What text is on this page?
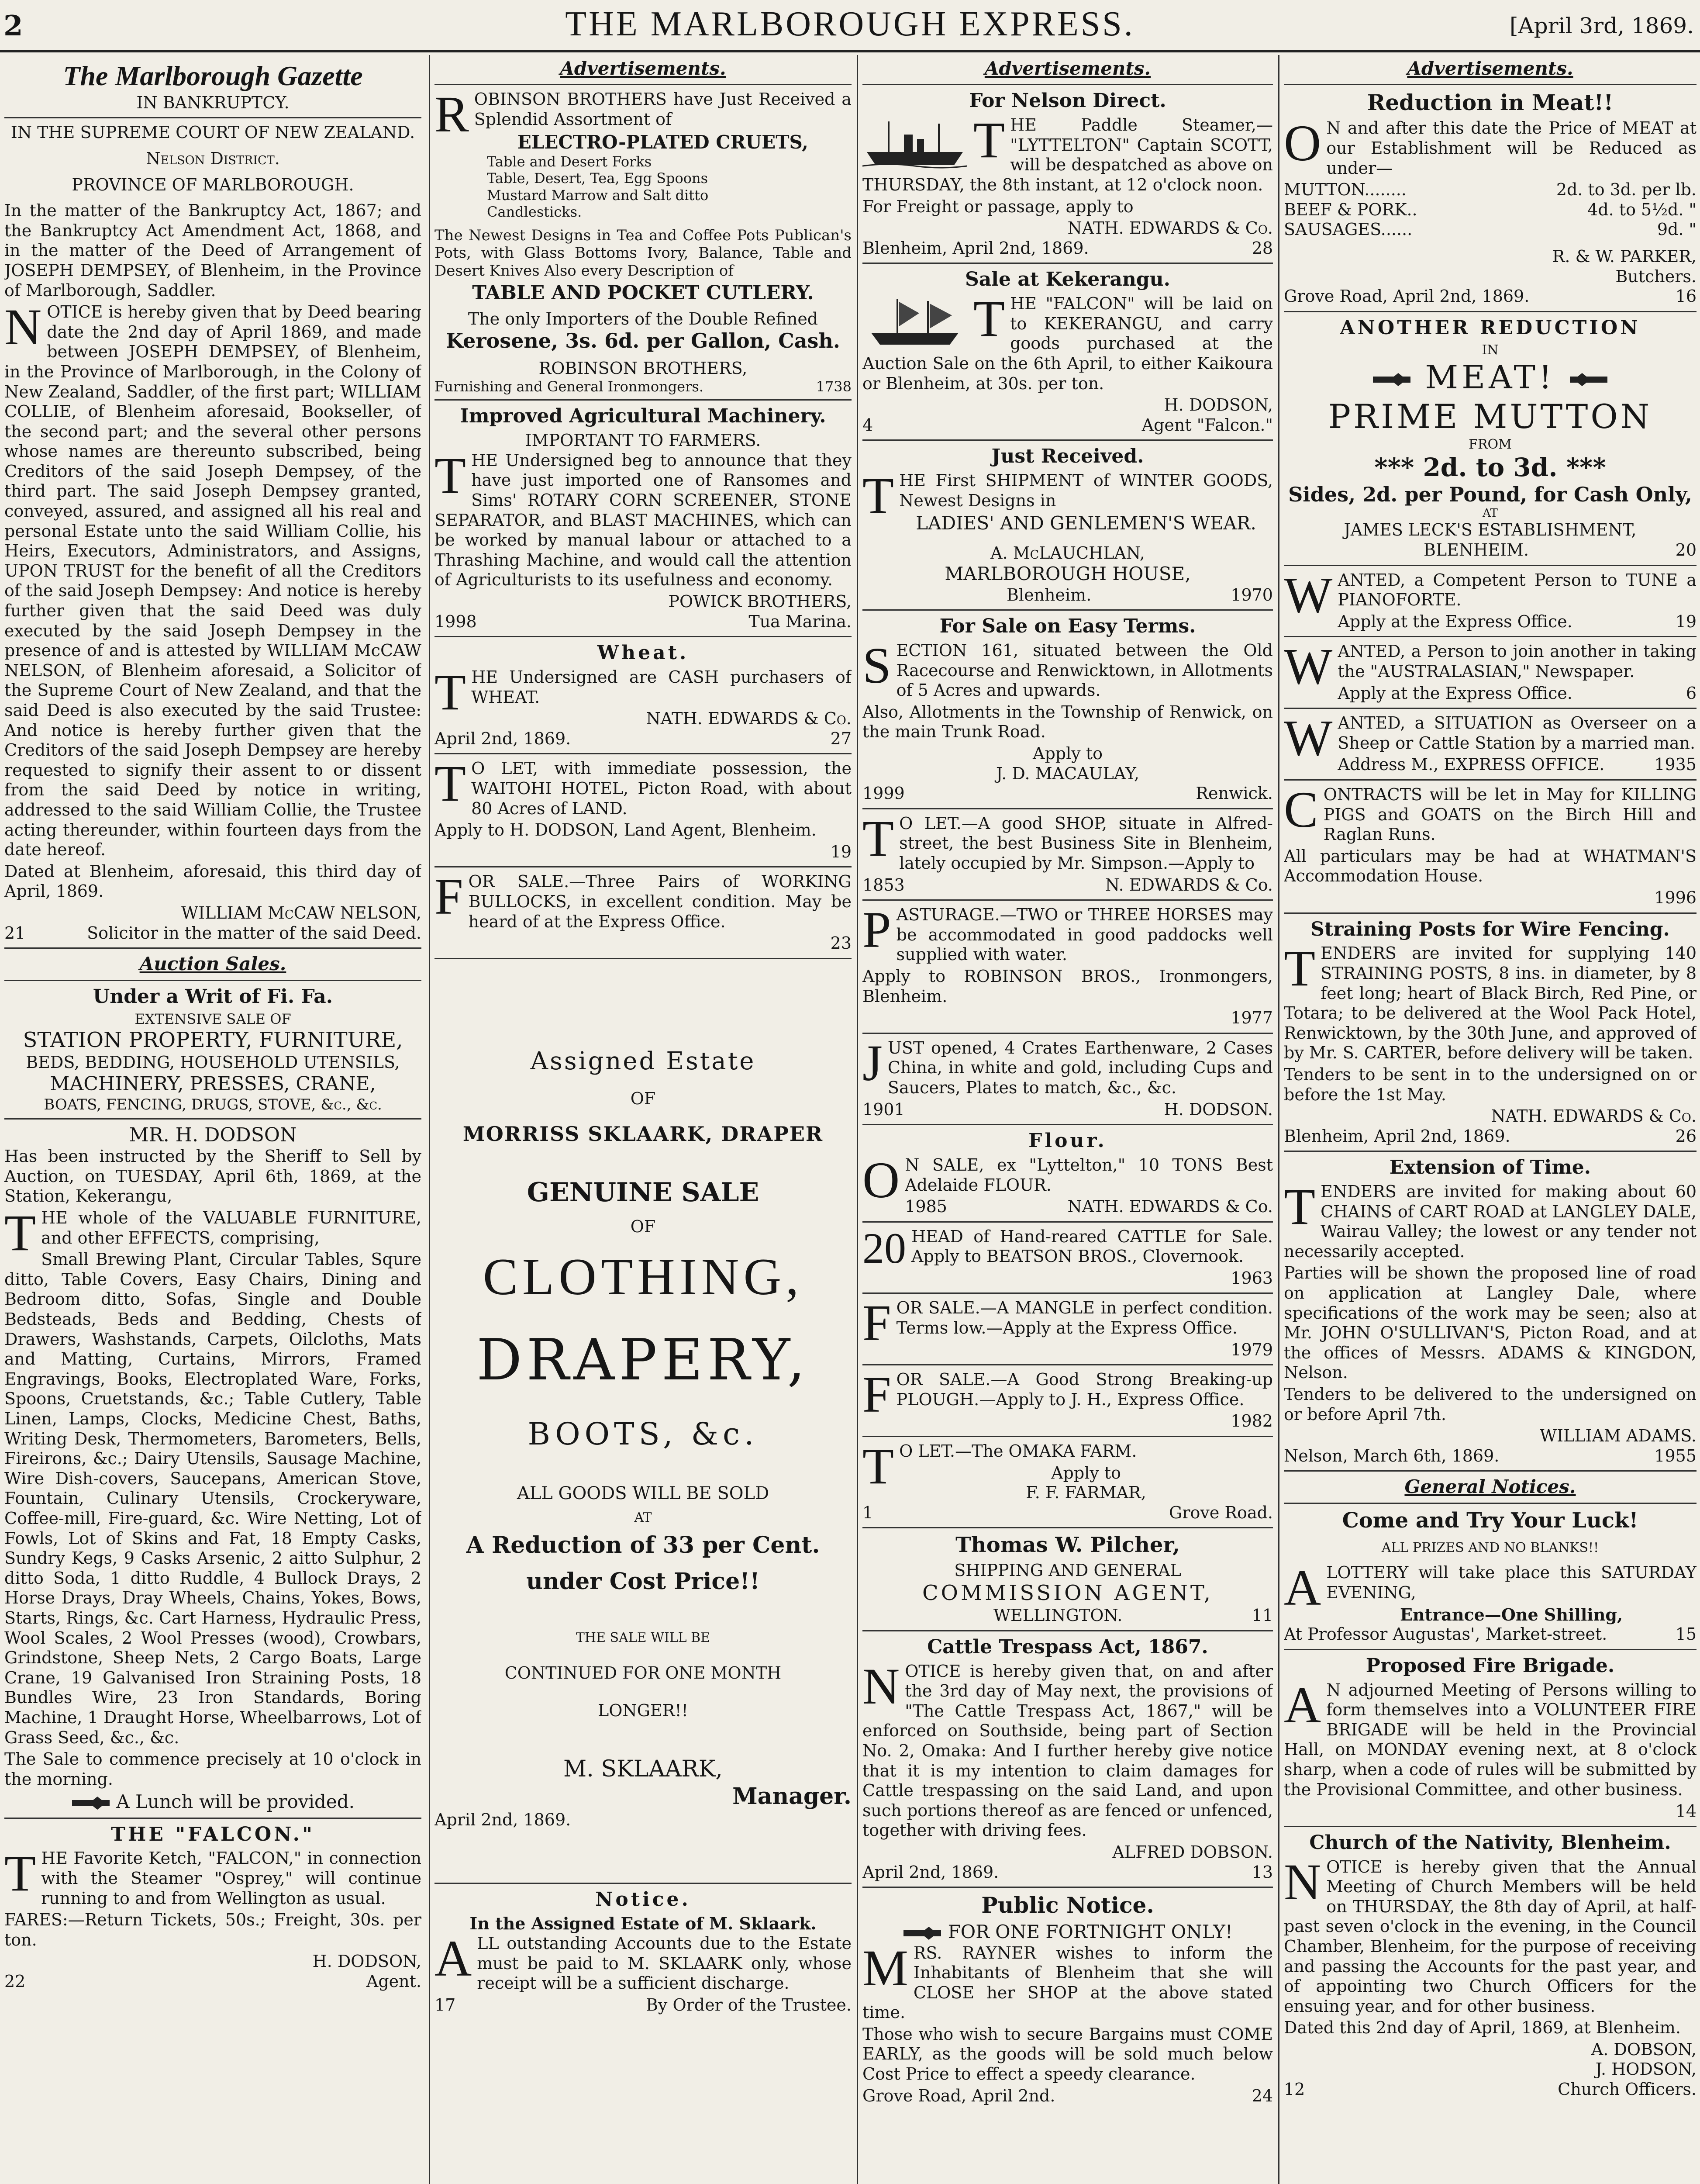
2	THE MARLBOROUGH EXPRESS.	[April 3rd, 1869.
The Marlborough Gazette
IN BANKRUPTCY.
IN THE SUPREME COURT OF NEW ZEALAND.
Nelson District.
PROVINCE OF MARLBOROUGH.

In the matter of the Bankruptcy Act, 1867; and the Bankruptcy Act Amendment Act, 1868, and in the matter of the Deed of Arrangement of JOSEPH DEMPSEY, of Blenheim, in the Province of Marlborough, Saddler.

NOTICE is hereby given that by Deed bearing date the 2nd day of April 1869, and made between JOSEPH DEMPSEY, of Blenheim, in the Province of Marlborough, in the Colony of New Zealand, Saddler, of the first part; WILLIAM COLLIE, of Blenheim aforesaid, Bookseller, of the second part; and the several other persons whose names are thereunto subscribed, being Creditors of the said Joseph Dempsey, of the third part. The said Joseph Dempsey granted, conveyed, assured, and assigned all his real and personal Estate unto the said William Collie, his Heirs, Executors, Administrators, and Assigns, UPON TRUST for the benefit of all the Creditors of the said Joseph Dempsey: And notice is hereby further given that the said Deed was duly executed by the said Joseph Dempsey in the presence of and is attested by WILLIAM McCAW NELSON, of Blenheim aforesaid, a Solicitor of the Supreme Court of New Zealand, and that the said Deed is also executed by the said Trustee: And notice is hereby further given that the Creditors of the said Joseph Dempsey are hereby requested to signify their assent to or dissent from the said Deed by notice in writing, addressed to the said William Collie, the Trustee acting thereunder, within fourteen days from the date hereof.

Dated at Blenheim, aforesaid, this third day of April, 1869.

WILLIAM McCAW NELSON,
21	Solicitor in the matter of the said Deed.
Auction Sales.
Under a Writ of Fi. Fa.
EXTENSIVE SALE OF
STATION PROPERTY, FURNITURE,
BEDS, BEDDING, HOUSEHOLD UTENSILS,
MACHINERY, PRESSES, CRANE,
BOATS, FENCING, DRUGS, STOVE, &c., &c.
MR. H. DODSON

Has been instructed by the Sheriff to Sell by Auction, on TUESDAY, April 6th, 1869, at the Station, Kekerangu,

THE whole of the VALUABLE FURNITURE, and other EFFECTS, comprising,

Small Brewing Plant, Circular Tables, Squre ditto, Table Covers, Easy Chairs, Dining and Bedroom ditto, Sofas, Single and Double Bedsteads, Beds and Bedding, Chests of Drawers, Washstands, Carpets, Oilcloths, Mats and Matting, Curtains, Mirrors, Framed Engravings, Books, Electroplated Ware, Forks, Spoons, Cruetstands, &c.; Table Cutlery, Table Linen, Lamps, Clocks, Medicine Chest, Baths, Writing Desk, Thermometers, Barometers, Bells, Fireirons, &c.; Dairy Utensils, Sausage Machine, Wire Dish-covers, Saucepans, American Stove, Fountain, Culinary Utensils, Crockeryware, Coffee-mill, Fire-guard, &c. Wire Netting, Lot of Fowls, Lot of Skins and Fat, 18 Empty Casks, Sundry Kegs, 9 Casks Arsenic, 2 aitto Sulphur, 2 ditto Soda, 1 ditto Ruddle, 4 Bullock Drays, 2 Horse Drays, Dray Wheels, Chains, Yokes, Bows, Starts, Rings, &c. Cart Harness, Hydraulic Press, Wool Scales, 2 Wool Presses (wood), Crowbars, Grindstone, Sheep Nets, 2 Cargo Boats, Large Crane, 19 Galvanised Iron Straining Posts, 18 Bundles Wire, 23 Iron Standards, Boring Machine, 1 Draught Horse, Wheelbarrows, Lot of Grass Seed, &c., &c.

The Sale to commence precisely at 10 o'clock in the morning.

A Lunch will be provided.
THE "FALCON."

THE Favorite Ketch, "FALCON," in connection with the Steamer "Osprey," will continue running to and from Wellington as usual.

FARES:—Return Tickets, 50s.; Freight, 30s. per ton.

H. DODSON,
22	Agent.
Advertisements.

ROBINSON BROTHERS have Just Received a Splendid Assortment of

ELECTRO-PLATED CRUETS,
Table and Desert Forks
Table, Desert, Tea, Egg Spoons
Mustard Marrow and Salt ditto
Candlesticks.

The Newest Designs in Tea and Coffee Pots Publican's Pots, with Glass Bottoms Ivory, Balance, Table and Desert Knives Also every Description of

TABLE AND POCKET CUTLERY.
The only Importers of the Double Refined
Kerosene, 3s. 6d. per Gallon, Cash.
ROBINSON BROTHERS,
Furnishing and General Ironmongers.	1738
Improved Agricultural Machinery.
IMPORTANT TO FARMERS.

THE Undersigned beg to announce that they have just imported one of Ransomes and Sims' ROTARY CORN SCREENER, STONE SEPARATOR, and BLAST MACHINES, which can be worked by manual labour or attached to a Thrashing Machine, and would call the attention of Agriculturists to its usefulness and economy.

POWICK BROTHERS,
1998	Tua Marina.
Wheat.

THE Undersigned are CASH purchasers of WHEAT.

NATH. EDWARDS & Co.
April 2nd, 1869.	27

T O LET, with immediate possession, the WAITOHI HOTEL, Picton Road, with about 80 Acres of LAND.

Apply to H. DODSON, Land Agent, Blenheim.

19

FOR SALE.—Three Pairs of WORKING BULLOCKS, in excellent condition. May be heard of at the Express Office.

23
Assigned Estate
OF
MORRISS SKLAARK, DRAPER
GENUINE SALE
OF
CLOTHING,
DRAPERY,
BOOTS, &c.
ALL GOODS WILL BE SOLD
AT
A Reduction of 33 per Cent.
under Cost Price!!
THE SALE WILL BE
CONTINUED FOR ONE MONTH
LONGER!!
M. SKLAARK,
Manager.
April 2nd, 1869.
Notice.
In the Assigned Estate of M. Sklaark.

ALL outstanding Accounts due to the Estate must be paid to M. SKLAARK only, whose receipt will be a sufficient discharge.

17	By Order of the Trustee.
Advertisements.
For Nelson Direct.

THE Paddle Steamer,— "LYTTELTON" Captain SCOTT, will be despatched as above on THURSDAY, the 8th instant, at 12 o'clock noon.

For Freight or passage, apply to

NATH. EDWARDS & Co.
Blenheim, April 2nd, 1869.	28
Sale at Kekerangu.

THE "FALCON" will be laid on to KEKERANGU, and carry goods purchased at the Auction Sale on the 6th April, to either Kaikoura or Blenheim, at 30s. per ton.

H. DODSON,
4	Agent "Falcon."
Just Received.

THE First SHIPMENT of WINTER GOODS, Newest Designs in

LADIES' AND GENLEMEN'S WEAR.
A. McLAUCHLAN,
MARLBOROUGH HOUSE,
Blenheim.	1970
For Sale on Easy Terms.

SECTION 161, situated between the Old Racecourse and Renwicktown, in Allotments of 5 Acres and upwards.

Also, Allotments in the Township of Renwick, on the main Trunk Road.

Apply to
J. D. MACAULAY,
1999	Renwick.

T O LET.—A good SHOP, situate in Alfred-street, the best Business Site in Blenheim, lately occupied by Mr. Simpson.—Apply to

1853	N. EDWARDS & Co.

PASTURAGE.—TWO or THREE HORSES may be accommodated in good paddocks well supplied with water.

Apply to ROBINSON BROS., Ironmongers, Blenheim.

1977

JUST opened, 4 Crates Earthenware, 2 Cases China, in white and gold, including Cups and Saucers, Plates to match, &c., &c.

1901	H. DODSON.
Flour.

O N SALE, ex "Lyttelton," 10 TONS Best Adelaide FLOUR.

1985	NATH. EDWARDS & Co.

20 HEAD of Hand-reared CATTLE for Sale. Apply to BEATSON BROS., Clovernook.

1963

FOR SALE.—A MANGLE in perfect condition. Terms low.—Apply at the Express Office.

1979

FOR SALE.—A Good Strong Breaking-up PLOUGH.—Apply to J. H., Express Office.

1982

T O LET.—The OMAKA FARM.

Apply to
F. F. FARMAR,
1	Grove Road.
Thomas W. Pilcher,
SHIPPING AND GENERAL
COMMISSION AGENT,
WELLINGTON.	11
Cattle Trespass Act, 1867.

NOTICE is hereby given that, on and after the 3rd day of May next, the provisions of "The Cattle Trespass Act, 1867," will be enforced on Southside, being part of Section No. 2, Omaka: And I further hereby give notice that it is my intention to claim damages for Cattle trespassing on the said Land, and upon such portions thereof as are fenced or unfenced, together with driving fees.

ALFRED DOBSON.
April 2nd, 1869.	13
Public Notice.
FOR ONE FORTNIGHT ONLY!

MRS. RAYNER wishes to inform the Inhabitants of Blenheim that she will CLOSE her SHOP at the above stated time.

Those who wish to secure Bargains must COME EARLY, as the goods will be sold much below Cost Price to effect a speedy clearance.

Grove Road, April 2nd.	24
Advertisements.
Reduction in Meat!!

O N and after this date the Price of MEAT at our Establishment will be Reduced as under—

MUTTON........	2d. to 3d. per lb.
BEEF & PORK..	4d. to 5½d. "
SAUSAGES......	9d. "
R. & W. PARKER,
Butchers.
Grove Road, April 2nd, 1869.	16
ANOTHER REDUCTION
IN
MEAT!
PRIME MUTTON
FROM
*** 2d. to 3d. ***
Sides, 2d. per Pound, for Cash Only,
AT
JAMES LECK'S ESTABLISHMENT,
BLENHEIM.	20

WANTED, a Competent Person to TUNE a PIANOFORTE.

Apply at the Express Office.	19

WANTED, a Person to join another in taking the "AUSTRALASIAN," Newspaper.

Apply at the Express Office.	6

WANTED, a SITUATION as Overseer on a Sheep or Cattle Station by a married man.

Address M., EXPRESS OFFICE.	1935

CONTRACTS will be let in May for KILLING PIGS and GOATS on the Birch Hill and Raglan Runs.

All particulars may be had at WHATMAN'S Accommodation House.

1996
Straining Posts for Wire Fencing.

TENDERS are invited for supplying 140 STRAINING POSTS, 8 ins. in diameter, by 8 feet long; heart of Black Birch, Red Pine, or Totara; to be delivered at the Wool Pack Hotel, Renwicktown, by the 30th June, and approved of by Mr. S. CARTER, before delivery will be taken.

Tenders to be sent in to the undersigned on or before the 1st May.

NATH. EDWARDS & Co.
Blenheim, April 2nd, 1869.	26
Extension of Time.

TENDERS are invited for making about 60 CHAINS of CART ROAD at LANGLEY DALE, Wairau Valley; the lowest or any tender not necessarily accepted.

Parties will be shown the proposed line of road on application at Langley Dale, where specifications of the work may be seen; also at Mr. JOHN O'SULLIVAN'S, Picton Road, and at the offices of Messrs. ADAMS & KINGDON, Nelson.

Tenders to be delivered to the undersigned on or before April 7th.

WILLIAM ADAMS.
Nelson, March 6th, 1869.	1955
General Notices.
Come and Try Your Luck!
ALL PRIZES AND NO BLANKS!!

ALOTTERY will take place this SATURDAY EVENING,

Entrance—One Shilling,
At Professor Augustas', Market-street.	15
Proposed Fire Brigade.

A N adjourned Meeting of Persons willing to form themselves into a VOLUNTEER FIRE BRIGADE will be held in the Provincial Hall, on MONDAY evening next, at 8 o'clock sharp, when a code of rules will be submitted by the Provisional Committee, and other business.

14
Church of the Nativity, Blenheim.

NOTICE is hereby given that the Annual Meeting of Church Members will be held on THURSDAY, the 8th day of April, at half-past seven o'clock in the evening, in the Council Chamber, Blenheim, for the purpose of receiving and passing the Accounts for the past year, and of appointing two Church Officers for the ensuing year, and for other business.

Dated this 2nd day of April, 1869, at Blenheim.

A. DOBSON,
J. HODSON,
12	Church Officers.
